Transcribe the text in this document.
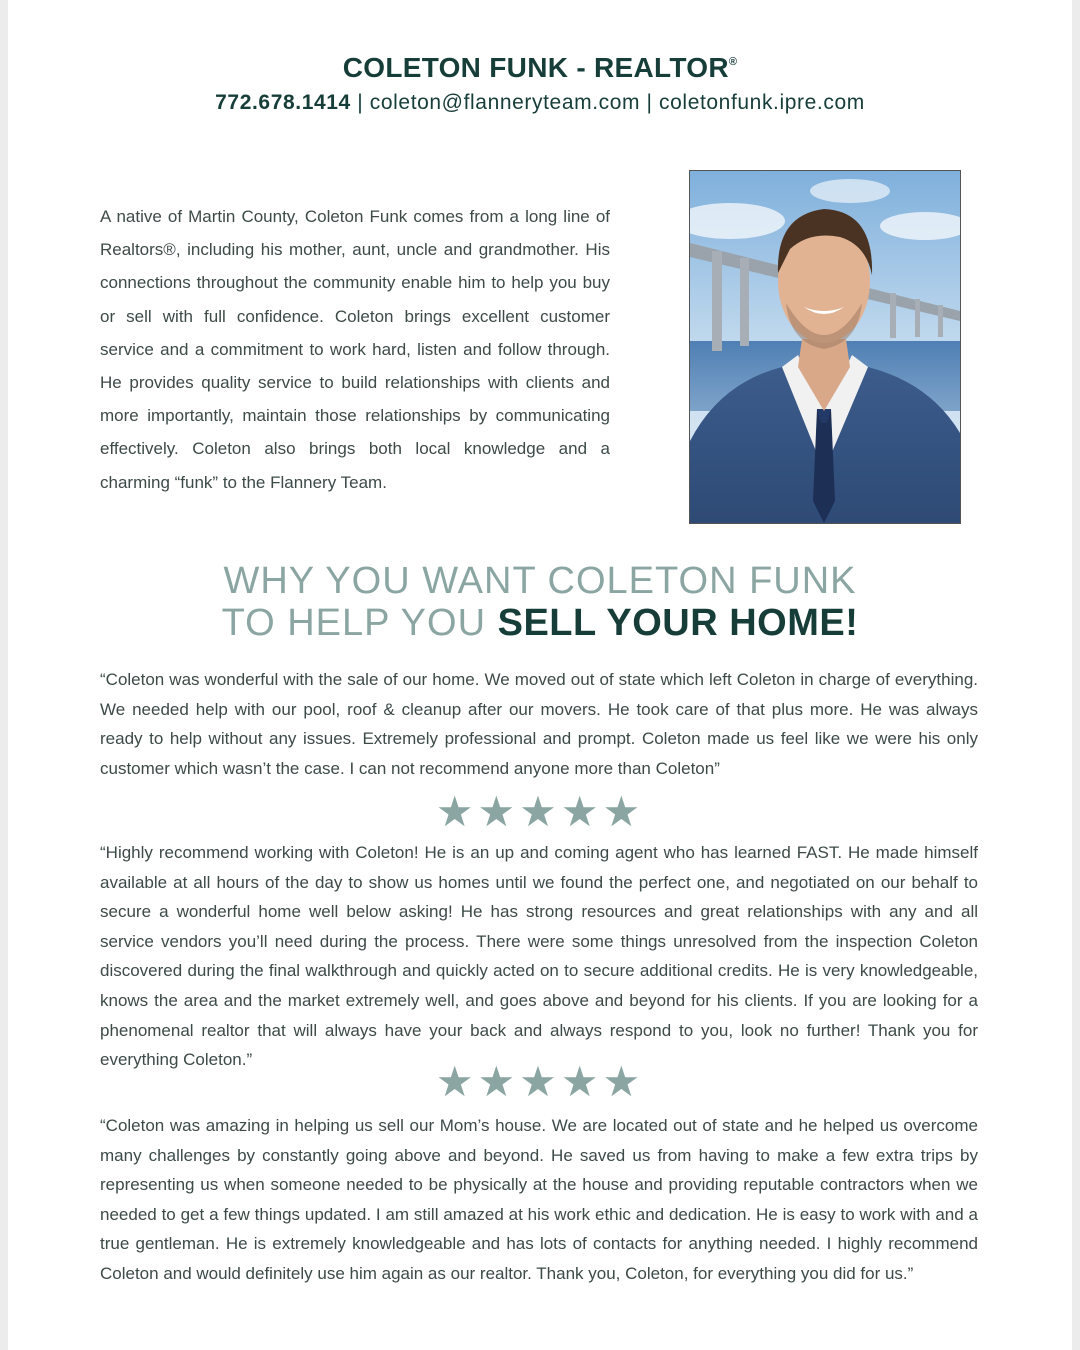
COLETON FUNK - REALTOR®
772.678.1414 | coleton@flanneryteam.com | coletonfunk.ipre.com
A native of Martin County, Coleton Funk comes from a long line of Realtors®, including his mother, aunt, uncle and grandmother. His connections throughout the community enable him to help you buy or sell with full confidence. Coleton brings excellent customer service and a commitment to work hard, listen and follow through. He provides quality service to build relationships with clients and more importantly, maintain those relationships by communicating effectively. Coleton also brings both local knowledge and a charming “funk” to the Flannery Team.
WHY YOU WANT COLETON FUNK
TO HELP YOU SELL YOUR HOME!
“Coleton was wonderful with the sale of our home. We moved out of state which left Coleton in charge of everything. We needed help with our pool, roof & cleanup after our movers. He took care of that plus more. He was always ready to help without any issues. Extremely professional and prompt. Coleton made us feel like we were his only customer which wasn’t the case. I can not recommend anyone more than Coleton”
★★★★★
“Highly recommend working with Coleton! He is an up and coming agent who has learned FAST. He made himself available at all hours of the day to show us homes until we found the perfect one, and negotiated on our behalf to secure a wonderful home well below asking! He has strong resources and great relationships with any and all service vendors you’ll need during the process. There were some things unresolved from the inspection Coleton discovered during the final walkthrough and quickly acted on to secure additional credits. He is very knowledgeable, knows the area and the market extremely well, and goes above and beyond for his clients. If you are looking for a phenomenal realtor that will always have your back and always respond to you, look no further! Thank you for everything Coleton.”	★★★★★
“Coleton was amazing in helping us sell our Mom’s house. We are located out of state and he helped us overcome many challenges by constantly going above and beyond. He saved us from having to make a few extra trips by representing us when someone needed to be physically at the house and providing reputable contractors when we needed to get a few things updated. I am still amazed at his work ethic and dedication. He is easy to work with and a true gentleman. He is extremely knowledgeable and has lots of contacts for anything needed. I highly recommend Coleton and would definitely use him again as our realtor. Thank you, Coleton, for everything you did for us.”
